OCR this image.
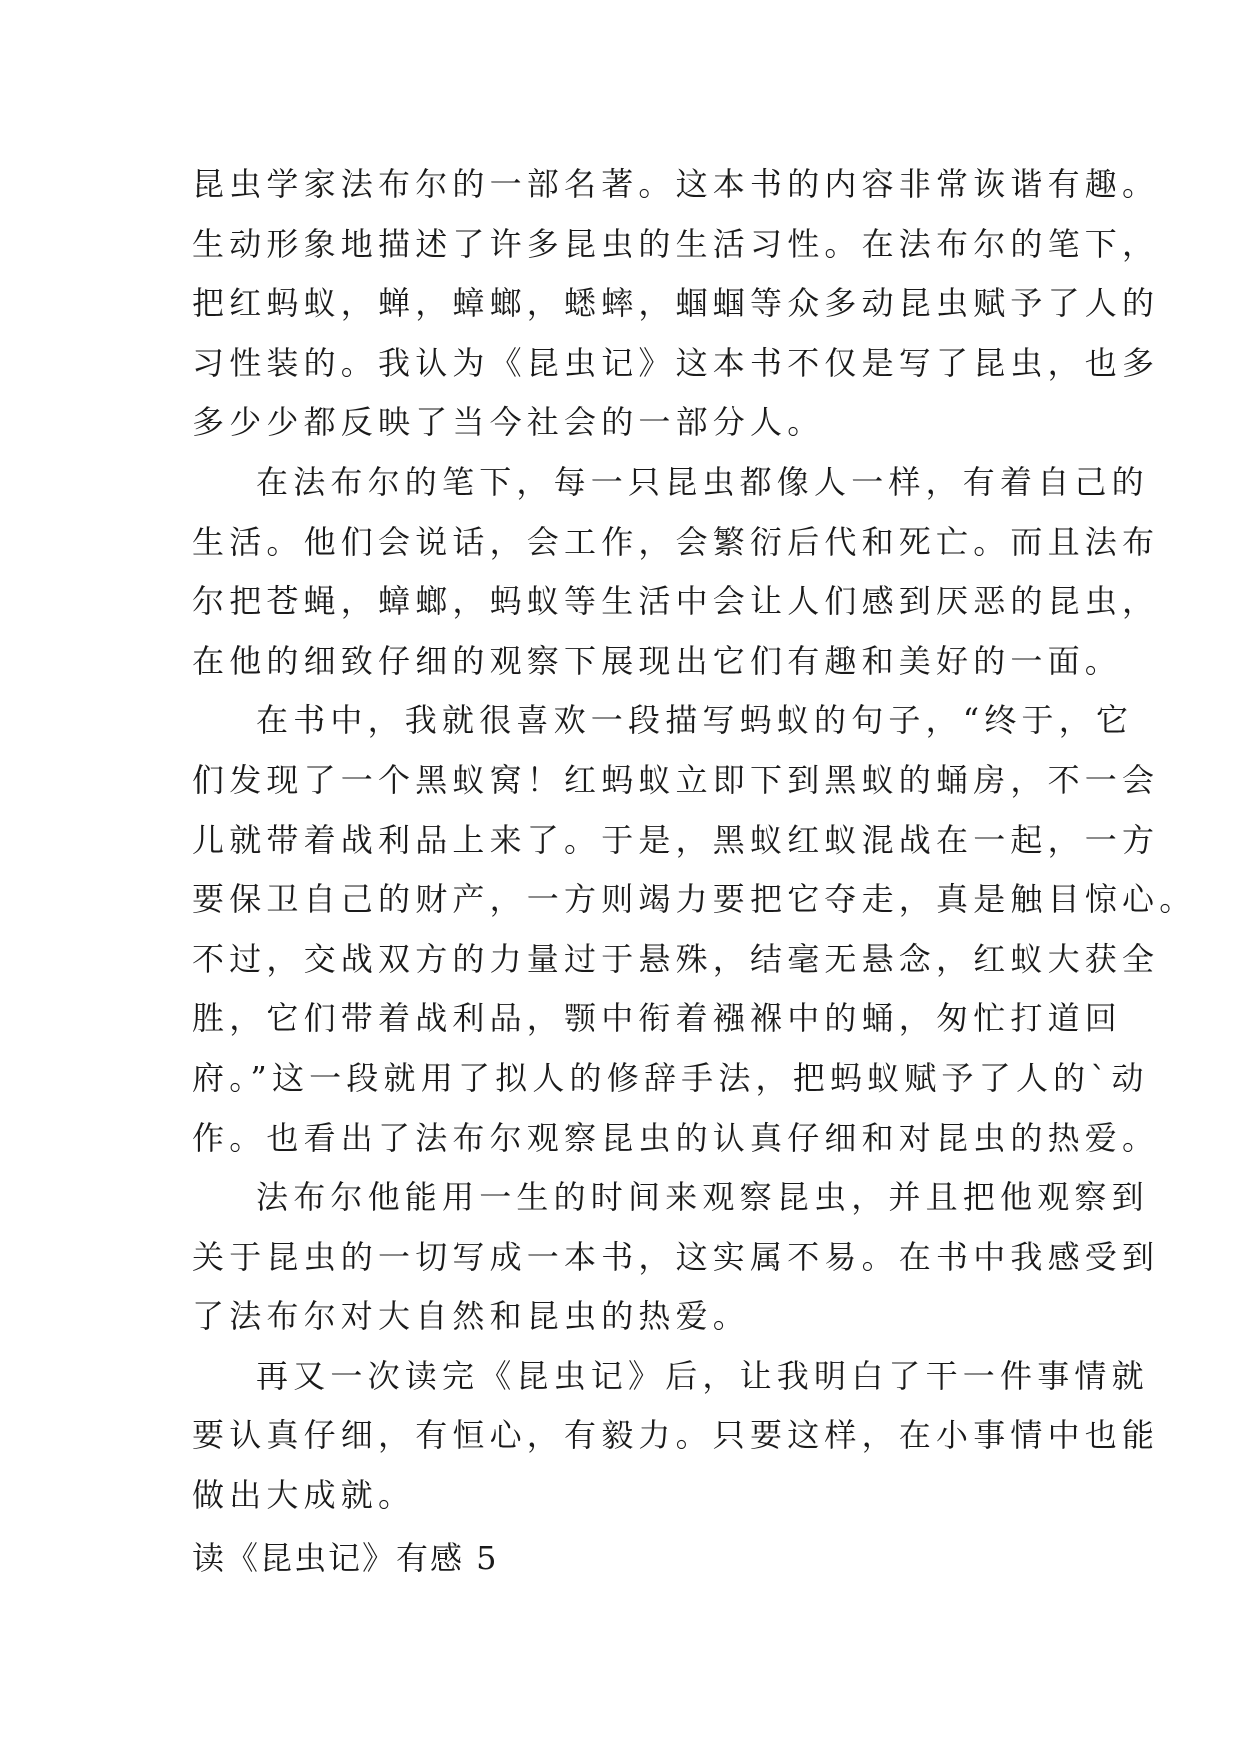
昆虫学家法布尔的一部名著。这本书的内容非常诙谐有趣。

生动形象地描述了许多昆虫的生活习性。在法布尔的笔下，

把红蚂蚁，蝉，蟑螂，蟋蟀，蝈蝈等众多动昆虫赋予了人的

习性装的。我认为《昆虫记》这本书不仅是写了昆虫，也多

多少少都反映了当今社会的一部分人。

在法布尔的笔下，每一只昆虫都像人一样，有着自己的

生活。他们会说话，会工作，会繁衍后代和死亡。而且法布

尔把苍蝇，蟑螂，蚂蚁等生活中会让人们感到厌恶的昆虫，

在他的细致仔细的观察下展现出它们有趣和美好的一面。

在书中，我就很喜欢一段描写蚂蚁的句子，“终于，它

们发现了一个黑蚁窝！红蚂蚁立即下到黑蚁的蛹房，不一会

儿就带着战利品上来了。于是，黑蚁红蚁混战在一起，一方

要保卫自己的财产，一方则竭力要把它夺走，真是触目惊心。

不过，交战双方的力量过于悬殊，结毫无悬念，红蚁大获全

胜，它们带着战利品，颚中衔着襁褓中的蛹，匆忙打道回

府。”这一段就用了拟人的修辞手法，把蚂蚁赋予了人的`动

作。也看出了法布尔观察昆虫的认真仔细和对昆虫的热爱。

法布尔他能用一生的时间来观察昆虫，并且把他观察到

关于昆虫的一切写成一本书，这实属不易。在书中我感受到

了法布尔对大自然和昆虫的热爱。

再又一次读完《昆虫记》后，让我明白了干一件事情就

要认真仔细，有恒心，有毅力。只要这样，在小事情中也能

做出大成就。

读《昆虫记》有感 5
